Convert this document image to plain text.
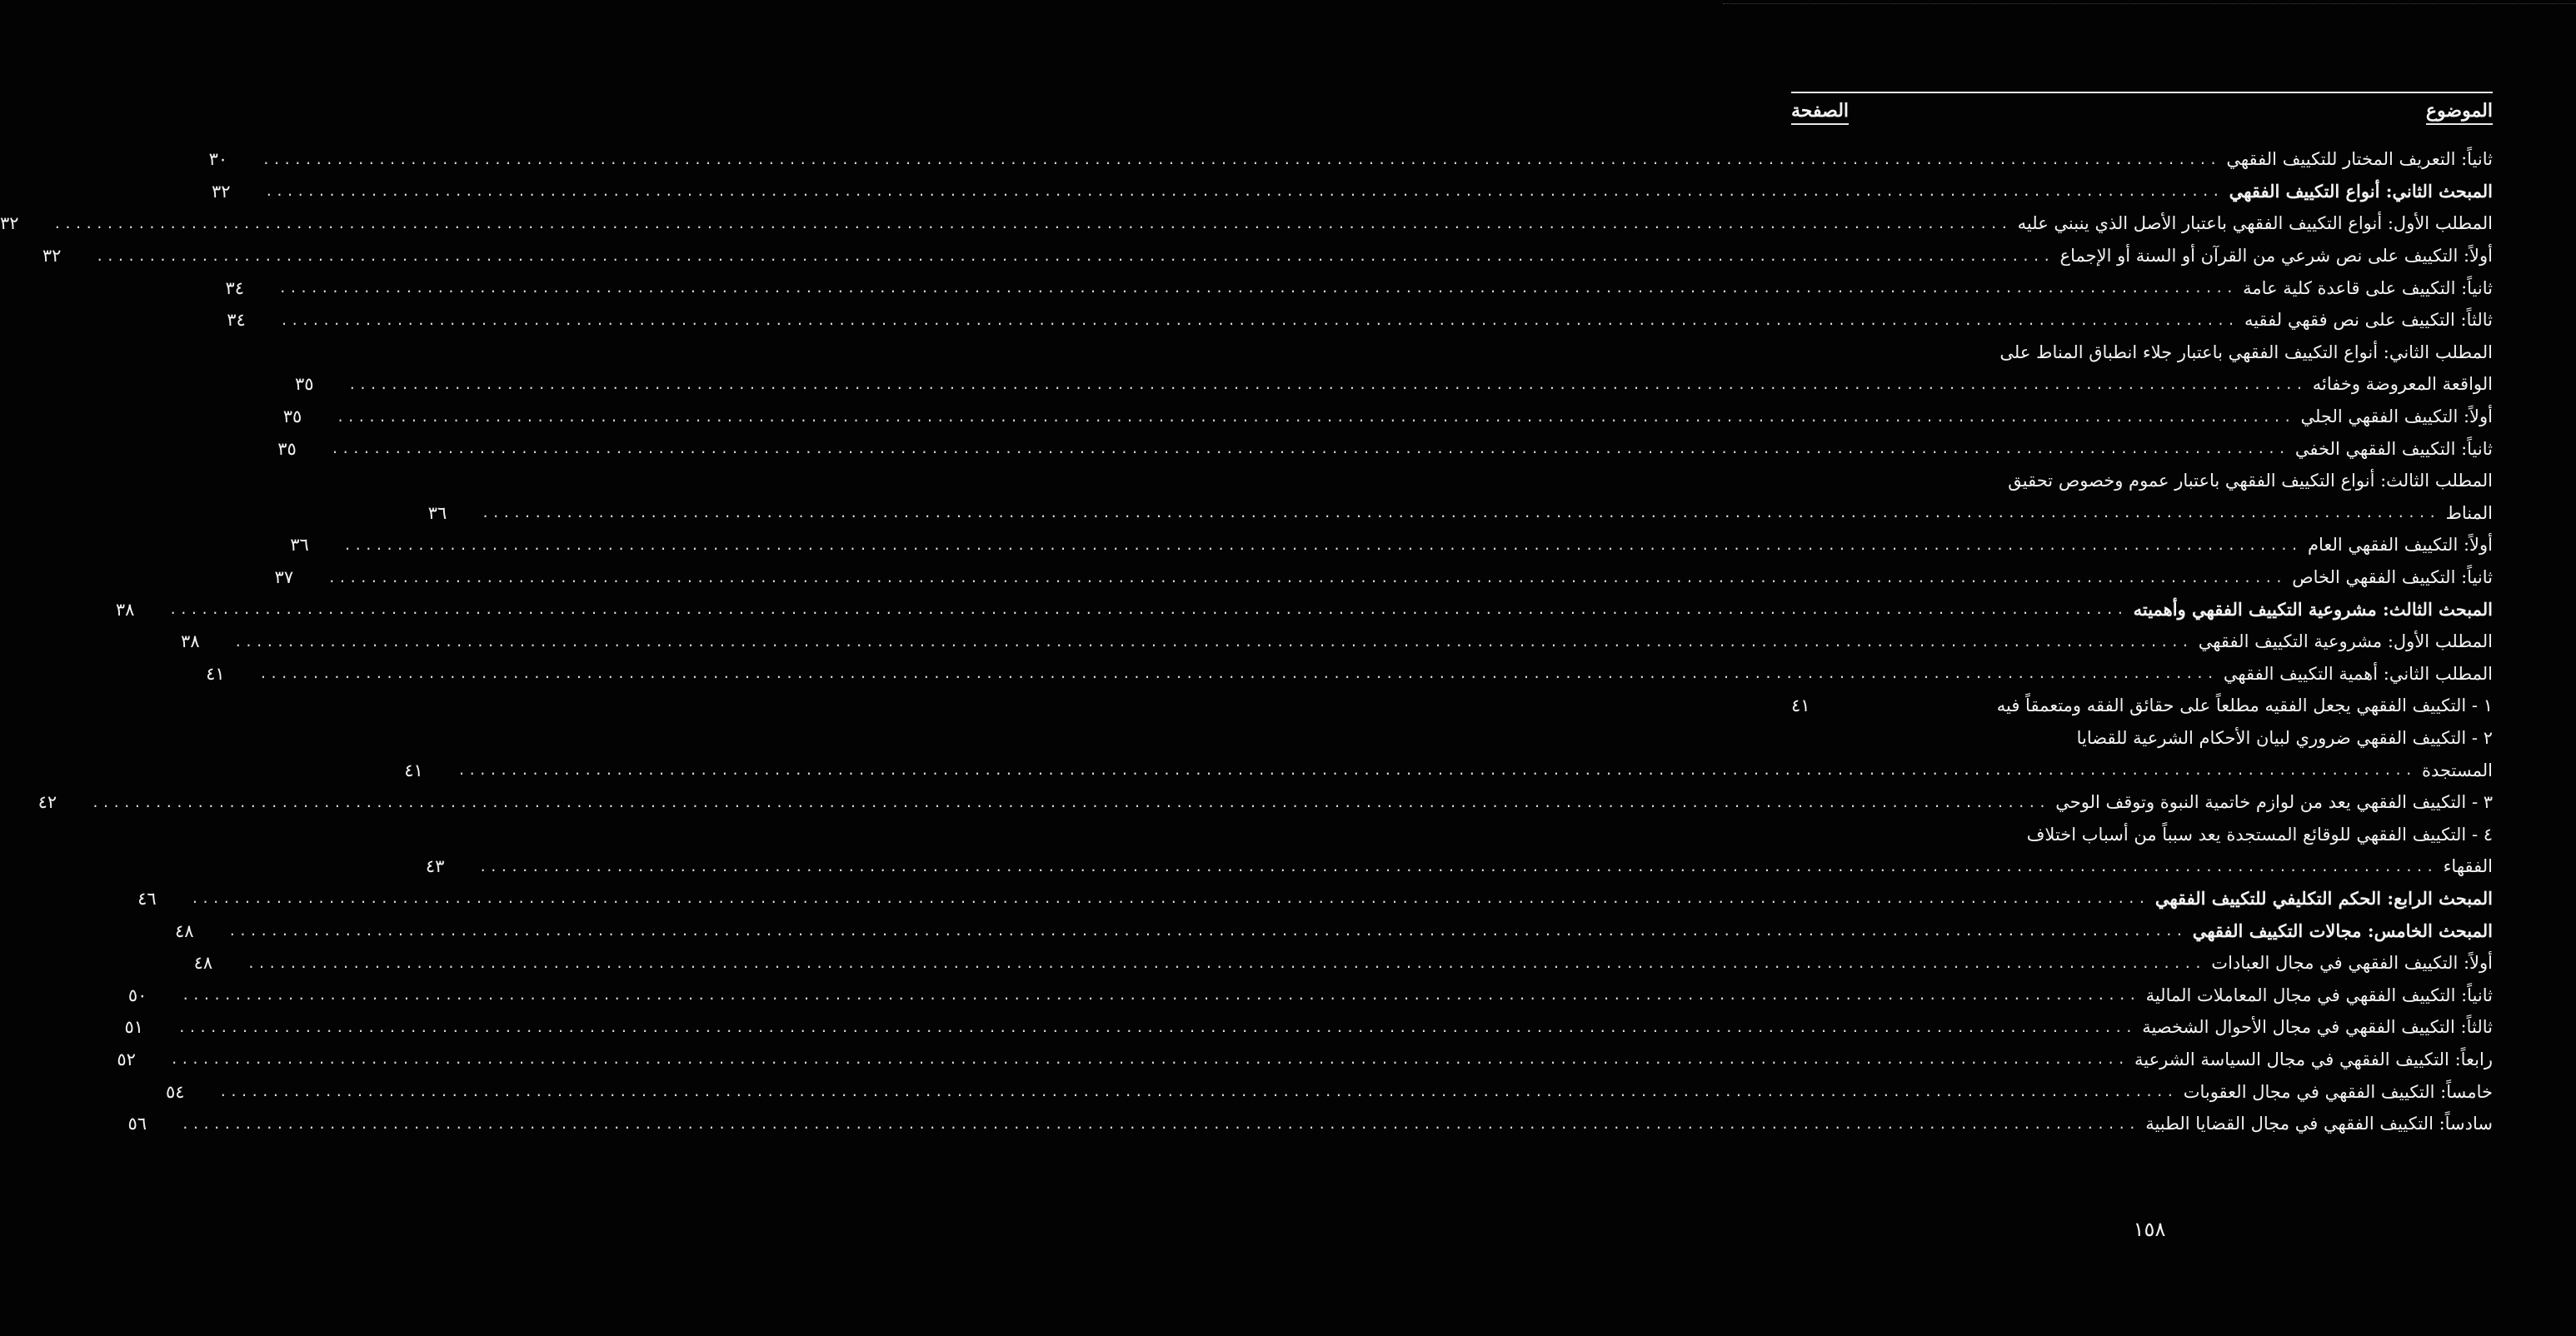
الموضوع
الصفحة
ثانياً: التعريف المختار للتكييف الفقهي
.....
٣٠
المبحث الثاني: أنواع التكييف الفقهي
.....
٣٢
المطلب الأول: أنواع التكييف الفقهي باعتبار الأصل الذي ينبني عليه
.....
٣٢
أولاً: التكييف على نص شرعي من القرآن أو السنة أو الإجماع
.....
٣٢
ثانياً: التكييف على قاعدة كلية عامة
.....
٣٤
ثالثاً: التكييف على نص فقهي لفقيه
.....
٣٤
المطلب الثاني: أنواع التكييف الفقهي باعتبار جلاء انطباق المناط على
الواقعة المعروضة وخفائه
.....
٣٥
أولاً: التكييف الفقهي الجلي
.....
٣٥
ثانياً: التكييف الفقهي الخفي
.....
٣٥
المطلب الثالث: أنواع التكييف الفقهي باعتبار عموم وخصوص تحقيق
المناط
.....
٣٦
أولاً: التكييف الفقهي العام
.....
٣٦
ثانياً: التكييف الفقهي الخاص
.....
٣٧
المبحث الثالث: مشروعية التكييف الفقهي وأهميته
.....
٣٨
المطلب الأول: مشروعية التكييف الفقهي
.....
٣٨
المطلب الثاني: أهمية التكييف الفقهي
.....
٤١
١ - التكييف الفقهي يجعل الفقيه مطلعاً على حقائق الفقه ومتعمقاً فيه
٤١
٢ - التكييف الفقهي ضروري لبيان الأحكام الشرعية للقضايا
المستجدة
.....
٤١
٣ - التكييف الفقهي يعد من لوازم خاتمية النبوة وتوقف الوحي
.....
٤٢
٤ - التكييف الفقهي للوقائع المستجدة يعد سبباً من أسباب اختلاف
الفقهاء
.....
٤٣
المبحث الرابع: الحكم التكليفي للتكييف الفقهي
.....
٤٦
المبحث الخامس: مجالات التكييف الفقهي
.....
٤٨
أولاً: التكييف الفقهي في مجال العبادات
.....
٤٨
ثانياً: التكييف الفقهي في مجال المعاملات المالية
.....
٥٠
ثالثاً: التكييف الفقهي في مجال الأحوال الشخصية
.....
٥١
رابعاً: التكييف الفقهي في مجال السياسة الشرعية
.....
٥٢
خامساً: التكييف الفقهي في مجال العقوبات
.....
٥٤
سادساً: التكييف الفقهي في مجال القضايا الطبية
.....
٥٦
١٥٨
